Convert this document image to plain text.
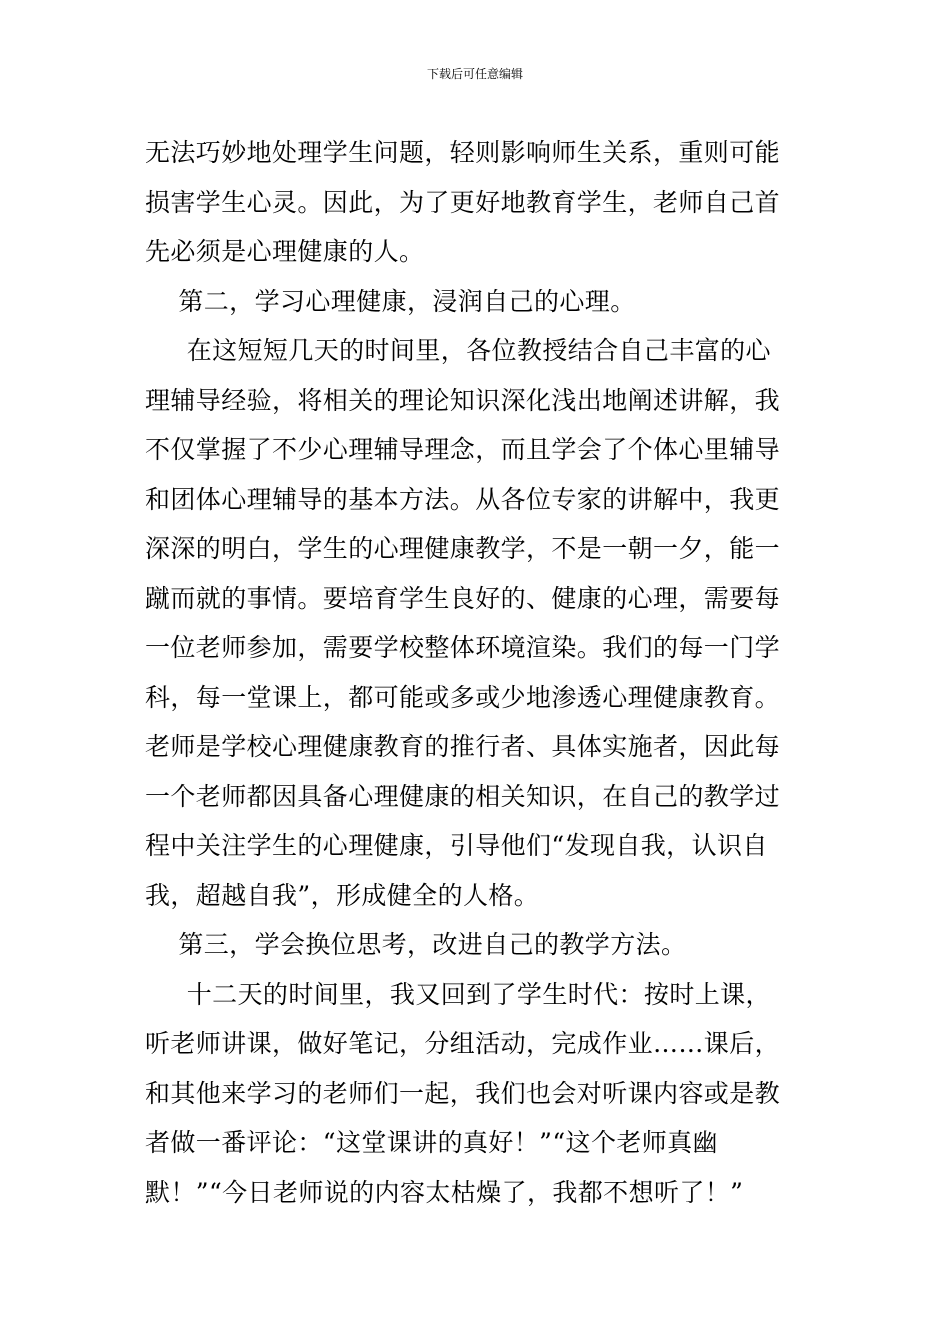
下载后可任意编辑
无法巧妙地处理学生问题，轻则影响师生关系，重则可能
损害学生心灵。因此，为了更好地教育学生，老师自己首
先必须是心理健康的人。
第二，学习心理健康，浸润自己的心理。
在这短短几天的时间里，各位教授结合自己丰富的心
理辅导经验，将相关的理论知识深化浅出地阐述讲解，我
不仅掌握了不少心理辅导理念，而且学会了个体心里辅导
和团体心理辅导的基本方法。从各位专家的讲解中，我更
深深的明白，学生的心理健康教学，不是一朝一夕，能一
蹴而就的事情。要培育学生良好的、健康的心理，需要每
一位老师参加，需要学校整体环境渲染。我们的每一门学
科，每一堂课上，都可能或多或少地渗透心理健康教育。
老师是学校心理健康教育的推行者、具体实施者，因此每
一个老师都因具备心理健康的相关知识，在自己的教学过
程中关注学生的心理健康，引导他们“发现自我，认识自
我，超越自我”，形成健全的人格。
第三，学会换位思考，改进自己的教学方法。
十二天的时间里，我又回到了学生时代：按时上课，
听老师讲课，做好笔记，分组活动，完成作业……课后，
和其他来学习的老师们一起，我们也会对听课内容或是教
者做一番评论：“这堂课讲的真好！”“这个老师真幽
默！”“今日老师说的内容太枯燥了，我都不想听了！”
